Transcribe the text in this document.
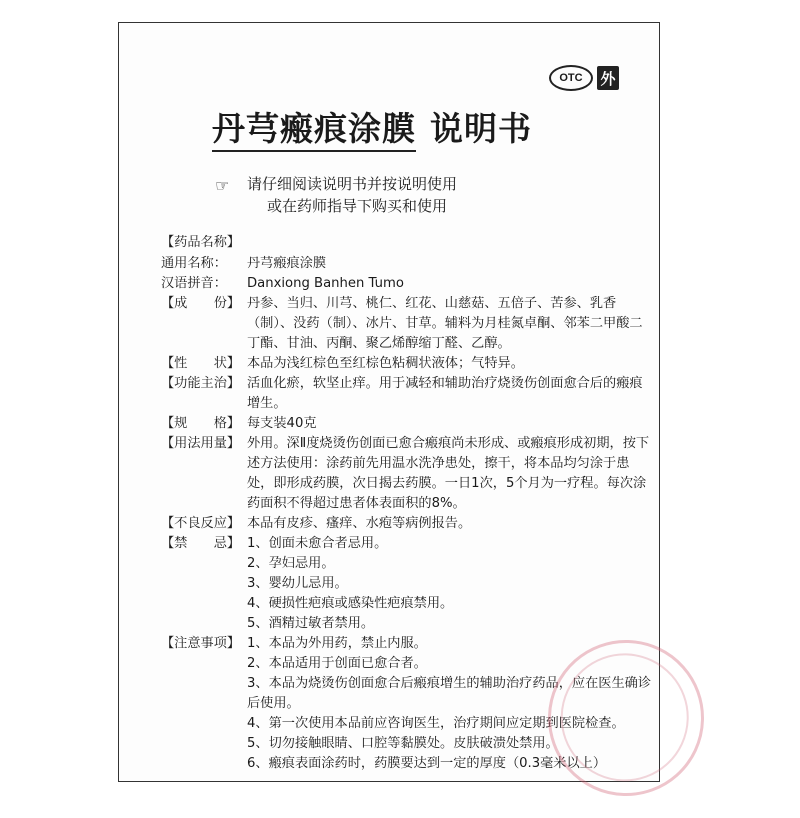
OTC	外
丹芎瘢痕涂膜 说明书
☞ 请仔细阅读说明书并按说明使用
或在药师指导下购买和使用
【药品名称】
通用名称：	丹芎瘢痕涂膜
汉语拼音：	Danxiong Banhen Tumo
【成　　份】 丹参、当归、川芎、桃仁、红花、山慈菇、五倍子、苦参、乳香（制）、没药（制）、冰片、甘草。辅料为月桂氮卓酮、邻苯二甲酸二丁酯、甘油、丙酮、聚乙烯醇缩丁醛、乙醇。
【性　　状】 本品为浅红棕色至红棕色粘稠状液体；气特异。
【功能主治】 活血化瘀，软坚止痒。用于减轻和辅助治疗烧烫伤创面愈合后的瘢痕增生。
【规　　格】 每支装40克
【用法用量】 外用。深Ⅱ度烧烫伤创面已愈合瘢痕尚未形成、或瘢痕形成初期，按下述方法使用：涂药前先用温水洗净患处，擦干，将本品均匀涂于患处，即形成药膜，次日揭去药膜。一日1次，5个月为一疗程。每次涂药面积不得超过患者体表面积的8%。
【不良反应】 本品有皮疹、瘙痒、水疱等病例报告。
【禁　　忌】 1、创面未愈合者忌用。
2、孕妇忌用。
3、婴幼儿忌用。
4、硬损性疤痕或感染性疤痕禁用。
5、酒精过敏者禁用。
【注意事项】 1、本品为外用药，禁止内服。
2、本品适用于创面已愈合者。
3、本品为烧烫伤创面愈合后瘢痕增生的辅助治疗药品，应在医生确诊后使用。
4、第一次使用本品前应咨询医生，治疗期间应定期到医院检查。
5、切勿接触眼睛、口腔等黏膜处。皮肤破溃处禁用。
6、瘢痕表面涂药时，药膜要达到一定的厚度（0.3毫米以上）
